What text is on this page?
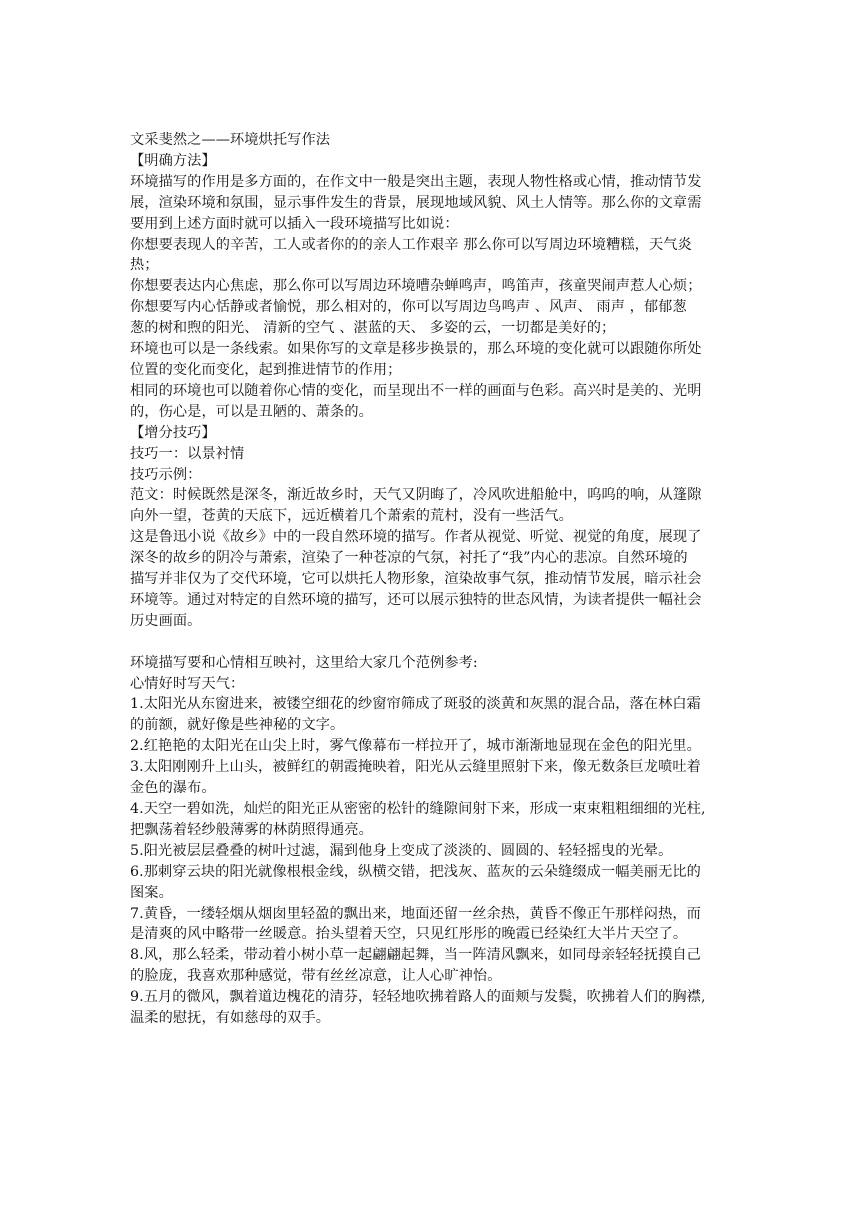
文采斐然之——环境烘托写作法
【明确方法】
环境描写的作用是多方面的，在作文中一般是突出主题，表现人物性格或心情，推动情节发
展，渲染环境和氛围，显示事件发生的背景，展现地域风貌、风土人情等。那么你的文章需
要用到上述方面时就可以插入一段环境描写比如说：
你想要表现人的辛苦，工人或者你的的亲人工作艰辛 那么你可以写周边环境糟糕，天气炎
热；
你想要表达内心焦虑，那么你可以写周边环境嘈杂蝉鸣声，鸣笛声，孩童哭闹声惹人心烦；
你想要写内心恬静或者愉悦，那么相对的，你可以写周边鸟鸣声 、风声、 雨声 ，郁郁葱
葱的树和煦的阳光、 清新的空气 、湛蓝的天、 多姿的云，一切都是美好的；
环境也可以是一条线索。如果你写的文章是移步换景的，那么环境的变化就可以跟随你所处
位置的变化而变化，起到推进情节的作用；
相同的环境也可以随着你心情的变化，而呈现出不一样的画面与色彩。高兴时是美的、光明
的，伤心是，可以是丑陋的、萧条的。
【增分技巧】
技巧一：以景衬情
技巧示例：
范文：时候既然是深冬，渐近故乡时，天气又阴晦了，冷风吹进船舱中，呜呜的响，从篷隙
向外一望，苍黄的天底下，远近横着几个萧索的荒村，没有一些活气。
这是鲁迅小说《故乡》中的一段自然环境的描写。作者从视觉、听觉、视觉的角度，展现了
深冬的故乡的阴冷与萧索，渲染了一种苍凉的气氛，衬托了“我”内心的悲凉。自然环境的
描写并非仅为了交代环境，它可以烘托人物形象，渲染故事气氛，推动情节发展，暗示社会
环境等。通过对特定的自然环境的描写，还可以展示独特的世态风情，为读者提供一幅社会
历史画面。
环境描写要和心情相互映衬，这里给大家几个范例参考:
心情好时写天气：
1.太阳光从东窗进来，被镂空细花的纱窗帘筛成了斑驳的淡黄和灰黑的混合品，落在林白霜
的前额，就好像是些神秘的文字。
2.红艳艳的太阳光在山尖上时，雾气像幕布一样拉开了，城市渐渐地显现在金色的阳光里。
3.太阳刚刚升上山头，被鲜红的朝霞掩映着，阳光从云缝里照射下来，像无数条巨龙喷吐着
金色的瀑布。
4.天空一碧如洗，灿烂的阳光正从密密的松针的缝隙间射下来，形成一束束粗粗细细的光柱,
把飘荡着轻纱般薄雾的林荫照得通亮。
5.阳光被层层叠叠的树叶过滤，漏到他身上变成了淡淡的、圆圆的、轻轻摇曳的光晕。
6.那刺穿云块的阳光就像根根金线，纵横交错，把浅灰、蓝灰的云朵缝缀成一幅美丽无比的
图案。
7.黄昏，一缕轻烟从烟囱里轻盈的飘出来，地面还留一丝余热，黄昏不像正午那样闷热，而
是清爽的风中略带一丝暖意。抬头望着天空，只见红彤彤的晚霞已经染红大半片天空了。
8.风，那么轻柔，带动着小树小草一起翩翩起舞，当一阵清风飘来，如同母亲轻轻抚摸自己
的脸庞，我喜欢那种感觉，带有丝丝凉意，让人心旷神怡。
9.五月的微风，飘着道边槐花的清芬，轻轻地吹拂着路人的面颊与发鬓，吹拂着人们的胸襟,
温柔的慰抚，有如慈母的双手。
